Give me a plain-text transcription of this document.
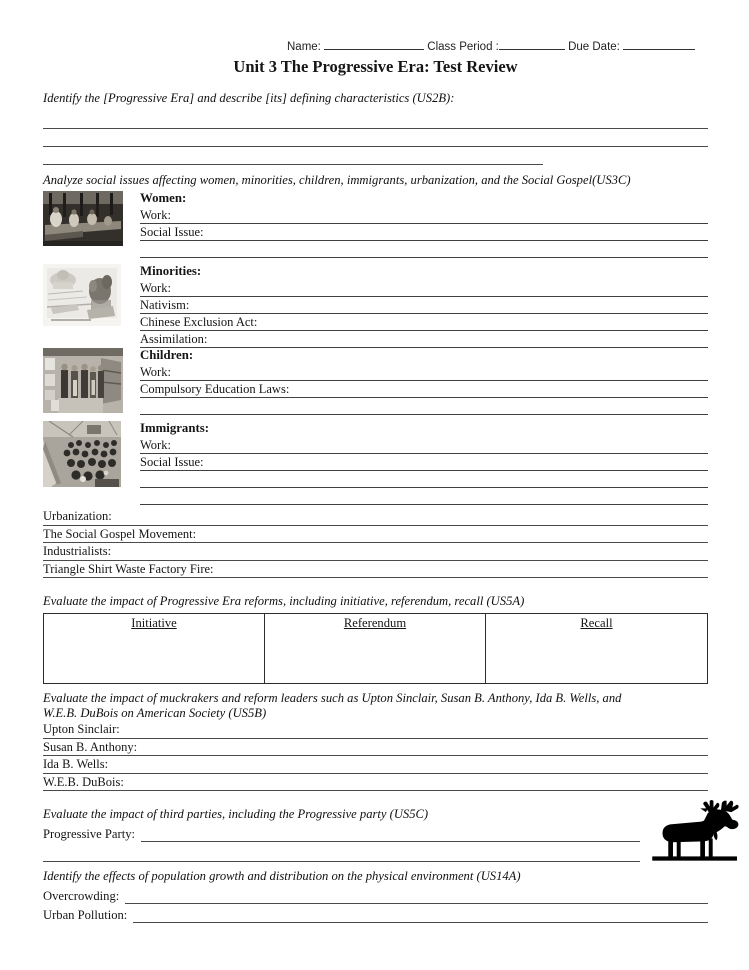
Name:	Class Period :	Due Date:
Unit 3 The Progressive Era: Test Review
Identify the [Progressive Era] and describe [its] defining characteristics (US2B):
Analyze social issues affecting women, minorities, children, immigrants, urbanization, and the Social Gospel(US3C)
Women:
Work:
Social Issue:
Minorities:
Work:
Nativism:
Chinese Exclusion Act:
Assimilation:
Children:
Work:
Compulsory Education Laws:
Immigrants:
Work:
Social Issue:
Urbanization:
The Social Gospel Movement:
Industrialists:
Triangle Shirt Waste Factory Fire:
Evaluate the impact of Progressive Era reforms, including initiative, referendum, recall (US5A)
Initiative	Referendum	Recall
Evaluate the impact of muckrakers and reform leaders such as Upton Sinclair, Susan B. Anthony, Ida B. Wells, and
W.E.B. DuBois on American Society (US5B)
Upton Sinclair:
Susan B. Anthony:
Ida B. Wells:
W.E.B. DuBois:
Evaluate the impact of third parties, including the Progressive party (US5C)
Progressive Party:
Identify the effects of population growth and distribution on the physical environment (US14A)
Overcrowding:
Urban Pollution:
